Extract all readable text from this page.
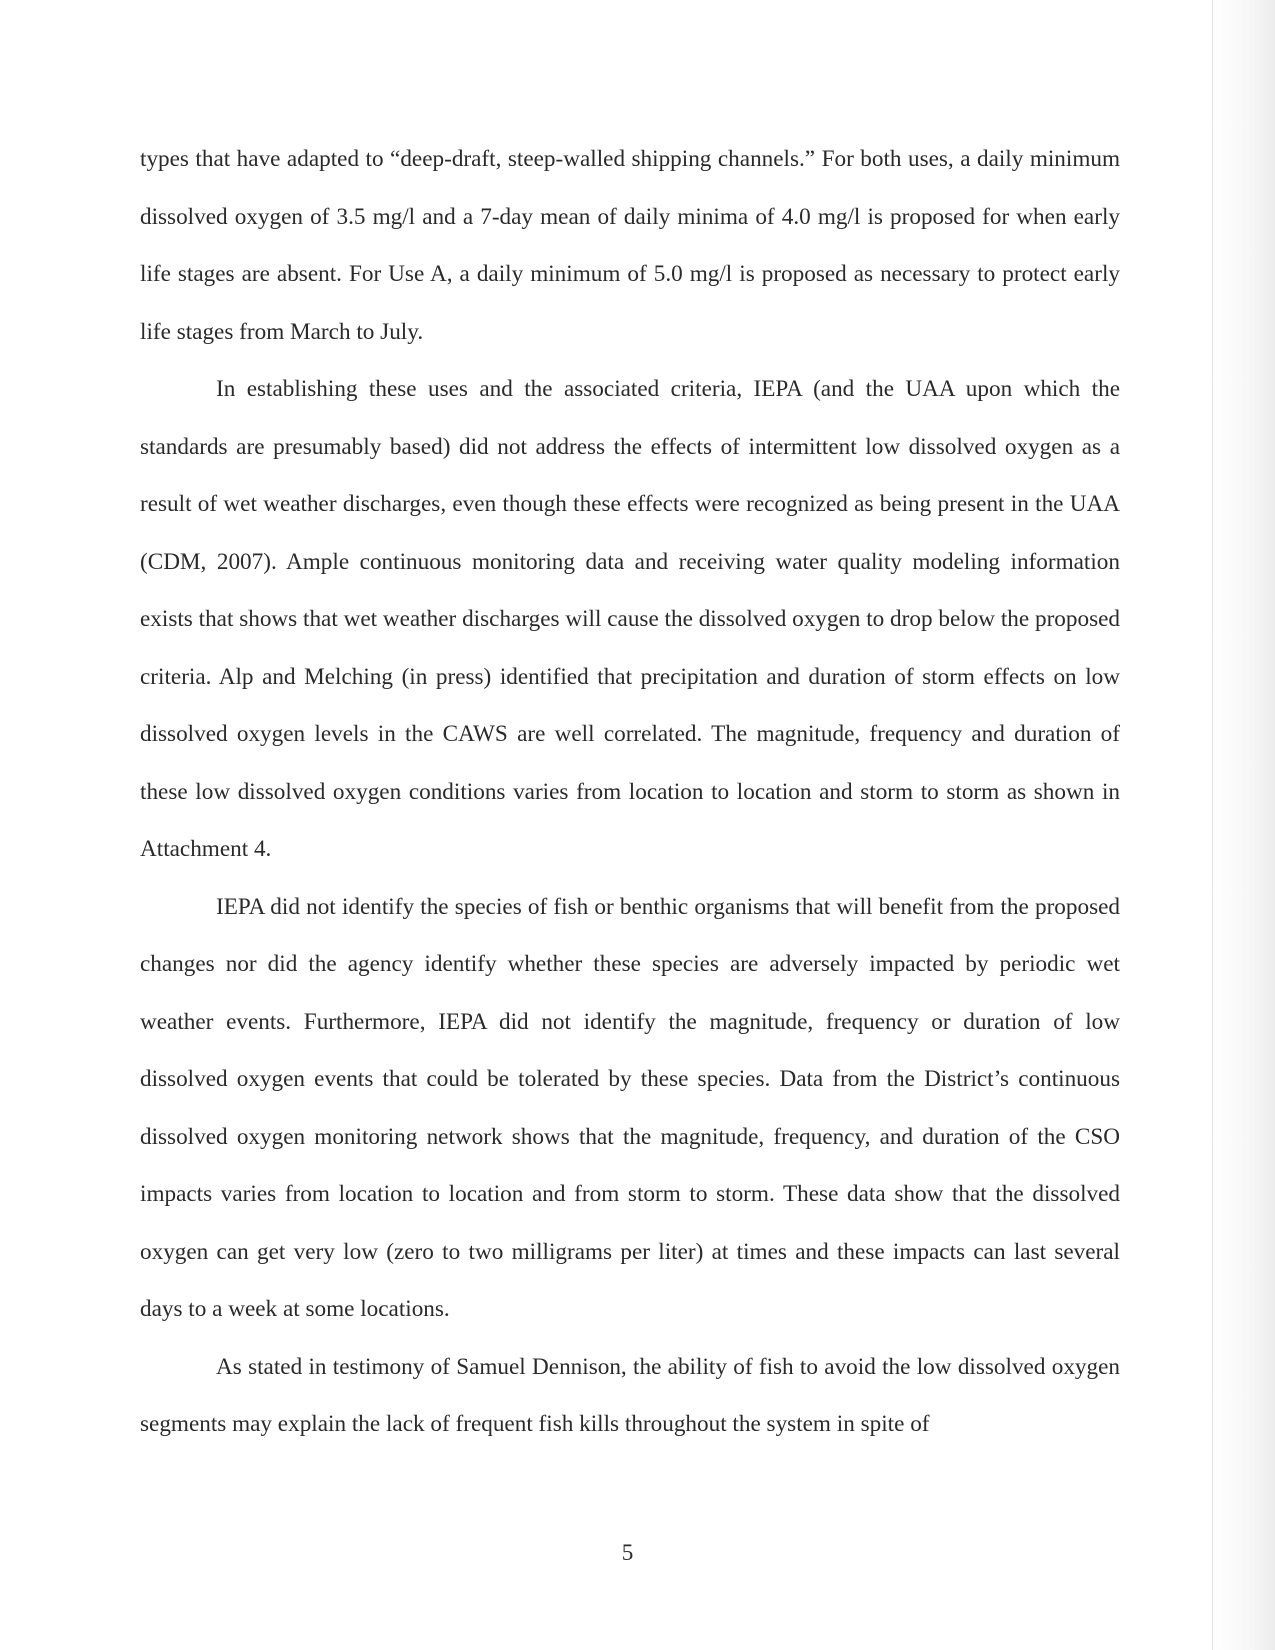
types that have adapted to “deep-draft, steep-walled shipping channels.” For both uses, a daily minimum dissolved oxygen of 3.5 mg/l and a 7-day mean of daily minima of 4.0 mg/l is proposed for when early life stages are absent. For Use A, a daily minimum of 5.0 mg/l is proposed as necessary to protect early life stages from March to July.

In establishing these uses and the associated criteria, IEPA (and the UAA upon which the standards are presumably based) did not address the effects of intermittent low dissolved oxygen as a result of wet weather discharges, even though these effects were recognized as being present in the UAA (CDM, 2007). Ample continuous monitoring data and receiving water quality modeling information exists that shows that wet weather discharges will cause the dissolved oxygen to drop below the proposed criteria. Alp and Melching (in press) identified that precipitation and duration of storm effects on low dissolved oxygen levels in the CAWS are well correlated. The magnitude, frequency and duration of these low dissolved oxygen conditions varies from location to location and storm to storm as shown in Attachment 4.

IEPA did not identify the species of fish or benthic organisms that will benefit from the proposed changes nor did the agency identify whether these species are adversely impacted by periodic wet weather events. Furthermore, IEPA did not identify the magnitude, frequency or duration of low dissolved oxygen events that could be tolerated by these species. Data from the District’s continuous dissolved oxygen monitoring network shows that the magnitude, frequency, and duration of the CSO impacts varies from location to location and from storm to storm. These data show that the dissolved oxygen can get very low (zero to two milligrams per liter) at times and these impacts can last several days to a week at some locations.

As stated in testimony of Samuel Dennison, the ability of fish to avoid the low dissolved oxygen segments may explain the lack of frequent fish kills throughout the system in spite of

5
